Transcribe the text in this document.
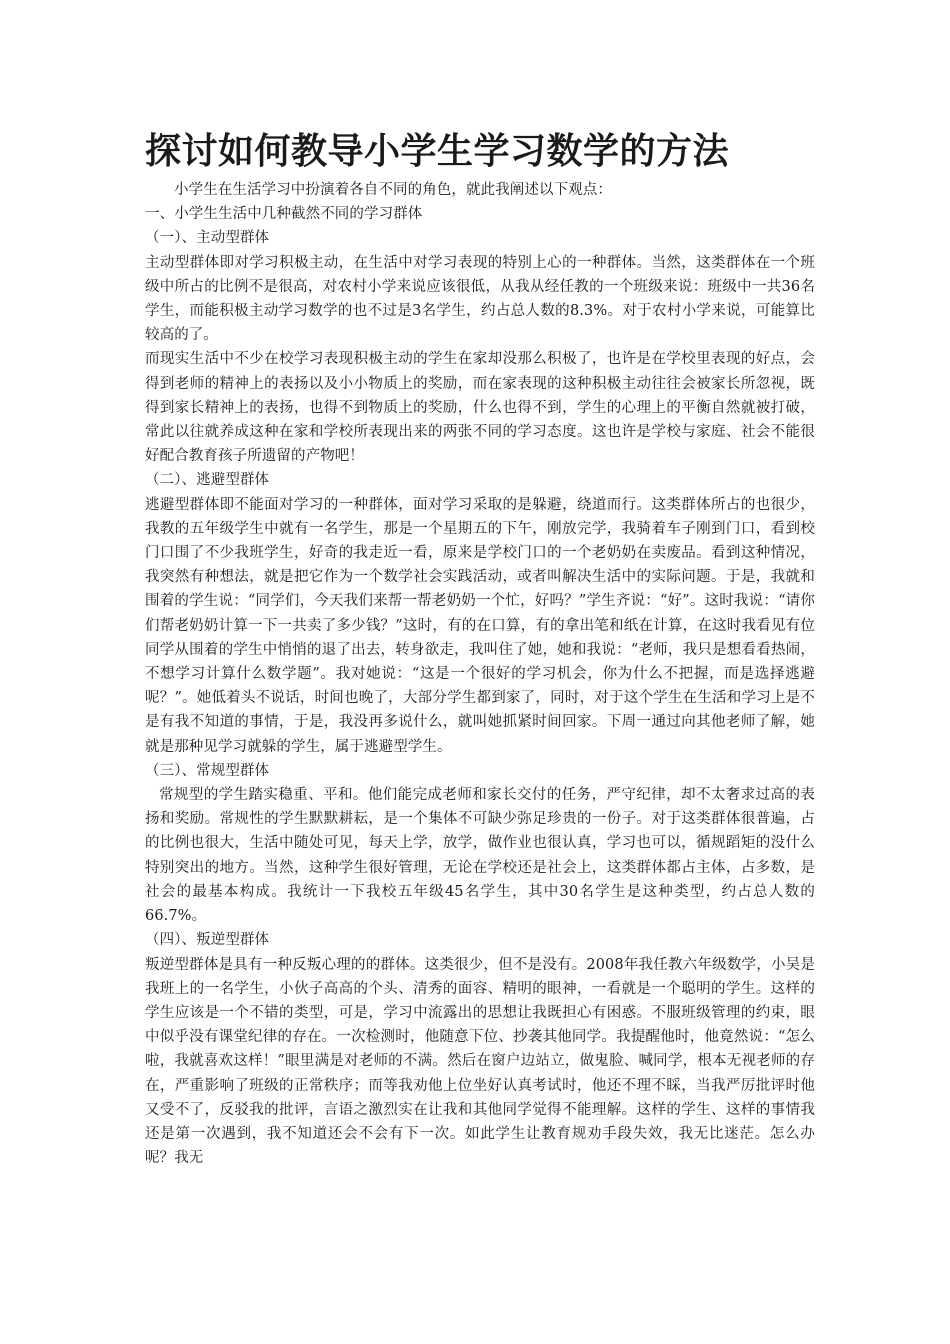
探讨如何教导小学生学习数学的方法

小学生在生活学习中扮演着各自不同的角色，就此我阐述以下观点：

一、小学生生活中几种截然不同的学习群体

（一）、主动型群体

主动型群体即对学习积极主动，在生活中对学习表现的特别上心的一种群体。当然，这类群体在一个班级中所占的比例不是很高，对农村小学来说应该很低，从我从经任教的一个班级来说：班级中一共36名学生，而能积极主动学习数学的也不过是3名学生，约占总人数的8.3%。对于农村小学来说，可能算比较高的了。

而现实生活中不少在校学习表现积极主动的学生在家却没那么积极了，也许是在学校里表现的好点，会得到老师的精神上的表扬以及小小物质上的奖励，而在家表现的这种积极主动往往会被家长所忽视，既得到家长精神上的表扬，也得不到物质上的奖励，什么也得不到，学生的心理上的平衡自然就被打破，常此以往就养成这种在家和学校所表现出来的两张不同的学习态度。这也许是学校与家庭、社会不能很好配合教育孩子所遗留的产物吧！

（二）、逃避型群体

逃避型群体即不能面对学习的一种群体，面对学习采取的是躲避，绕道而行。这类群体所占的也很少，我教的五年级学生中就有一名学生，那是一个星期五的下午，刚放完学，我骑着车子刚到门口，看到校门口围了不少我班学生，好奇的我走近一看，原来是学校门口的一个老奶奶在卖废品。看到这种情况，我突然有种想法，就是把它作为一个数学社会实践活动，或者叫解决生活中的实际问题。于是，我就和围着的学生说：“同学们，今天我们来帮一帮老奶奶一个忙，好吗？”学生齐说：“好”。这时我说：“请你们帮老奶奶计算一下一共卖了多少钱？”这时，有的在口算，有的拿出笔和纸在计算，在这时我看见有位同学从围着的学生中悄悄的退了出去，转身欲走，我叫住了她，她和我说：“老师，我只是想看看热闹，不想学习计算什么数学题”。我对她说：“这是一个很好的学习机会，你为什么不把握，而是选择逃避呢？”。她低着头不说话，时间也晚了，大部分学生都到家了，同时，对于这个学生在生活和学习上是不是有我不知道的事情，于是，我没再多说什么，就叫她抓紧时间回家。下周一通过向其他老师了解，她就是那种见学习就躲的学生，属于逃避型学生。

（三）、常规型群体

常规型的学生踏实稳重、平和。他们能完成老师和家长交付的任务，严守纪律，却不太奢求过高的表扬和奖励。常规性的学生默默耕耘，是一个集体不可缺少弥足珍贵的一份子。对于这类群体很普遍，占的比例也很大，生活中随处可见，每天上学，放学，做作业也很认真，学习也可以，循规蹈矩的没什么特别突出的地方。当然，这种学生很好管理，无论在学校还是社会上，这类群体都占主体，占多数，是社会的最基本构成。我统计一下我校五年级45名学生，其中30名学生是这种类型，约占总人数的66.7%。

（四）、叛逆型群体

叛逆型群体是具有一种反叛心理的的群体。这类很少，但不是没有。2008年我任教六年级数学，小吴是我班上的一名学生，小伙子高高的个头、清秀的面容、精明的眼神，一看就是一个聪明的学生。这样的学生应该是一个不错的类型，可是，学习中流露出的思想让我既担心有困惑。不服班级管理的约束，眼中似乎没有课堂纪律的存在。一次检测时，他随意下位、抄袭其他同学。我提醒他时，他竟然说：“怎么啦，我就喜欢这样！”眼里满是对老师的不满。然后在窗户边站立，做鬼脸、喊同学，根本无视老师的存在，严重影响了班级的正常秩序；而等我劝他上位坐好认真考试时，他还不理不睬，当我严厉批评时他又受不了，反驳我的批评，言语之激烈实在让我和其他同学觉得不能理解。这样的学生、这样的事情我还是第一次遇到，我不知道还会不会有下一次。如此学生让教育规劝手段失效，我无比迷茫。怎么办呢？我无
